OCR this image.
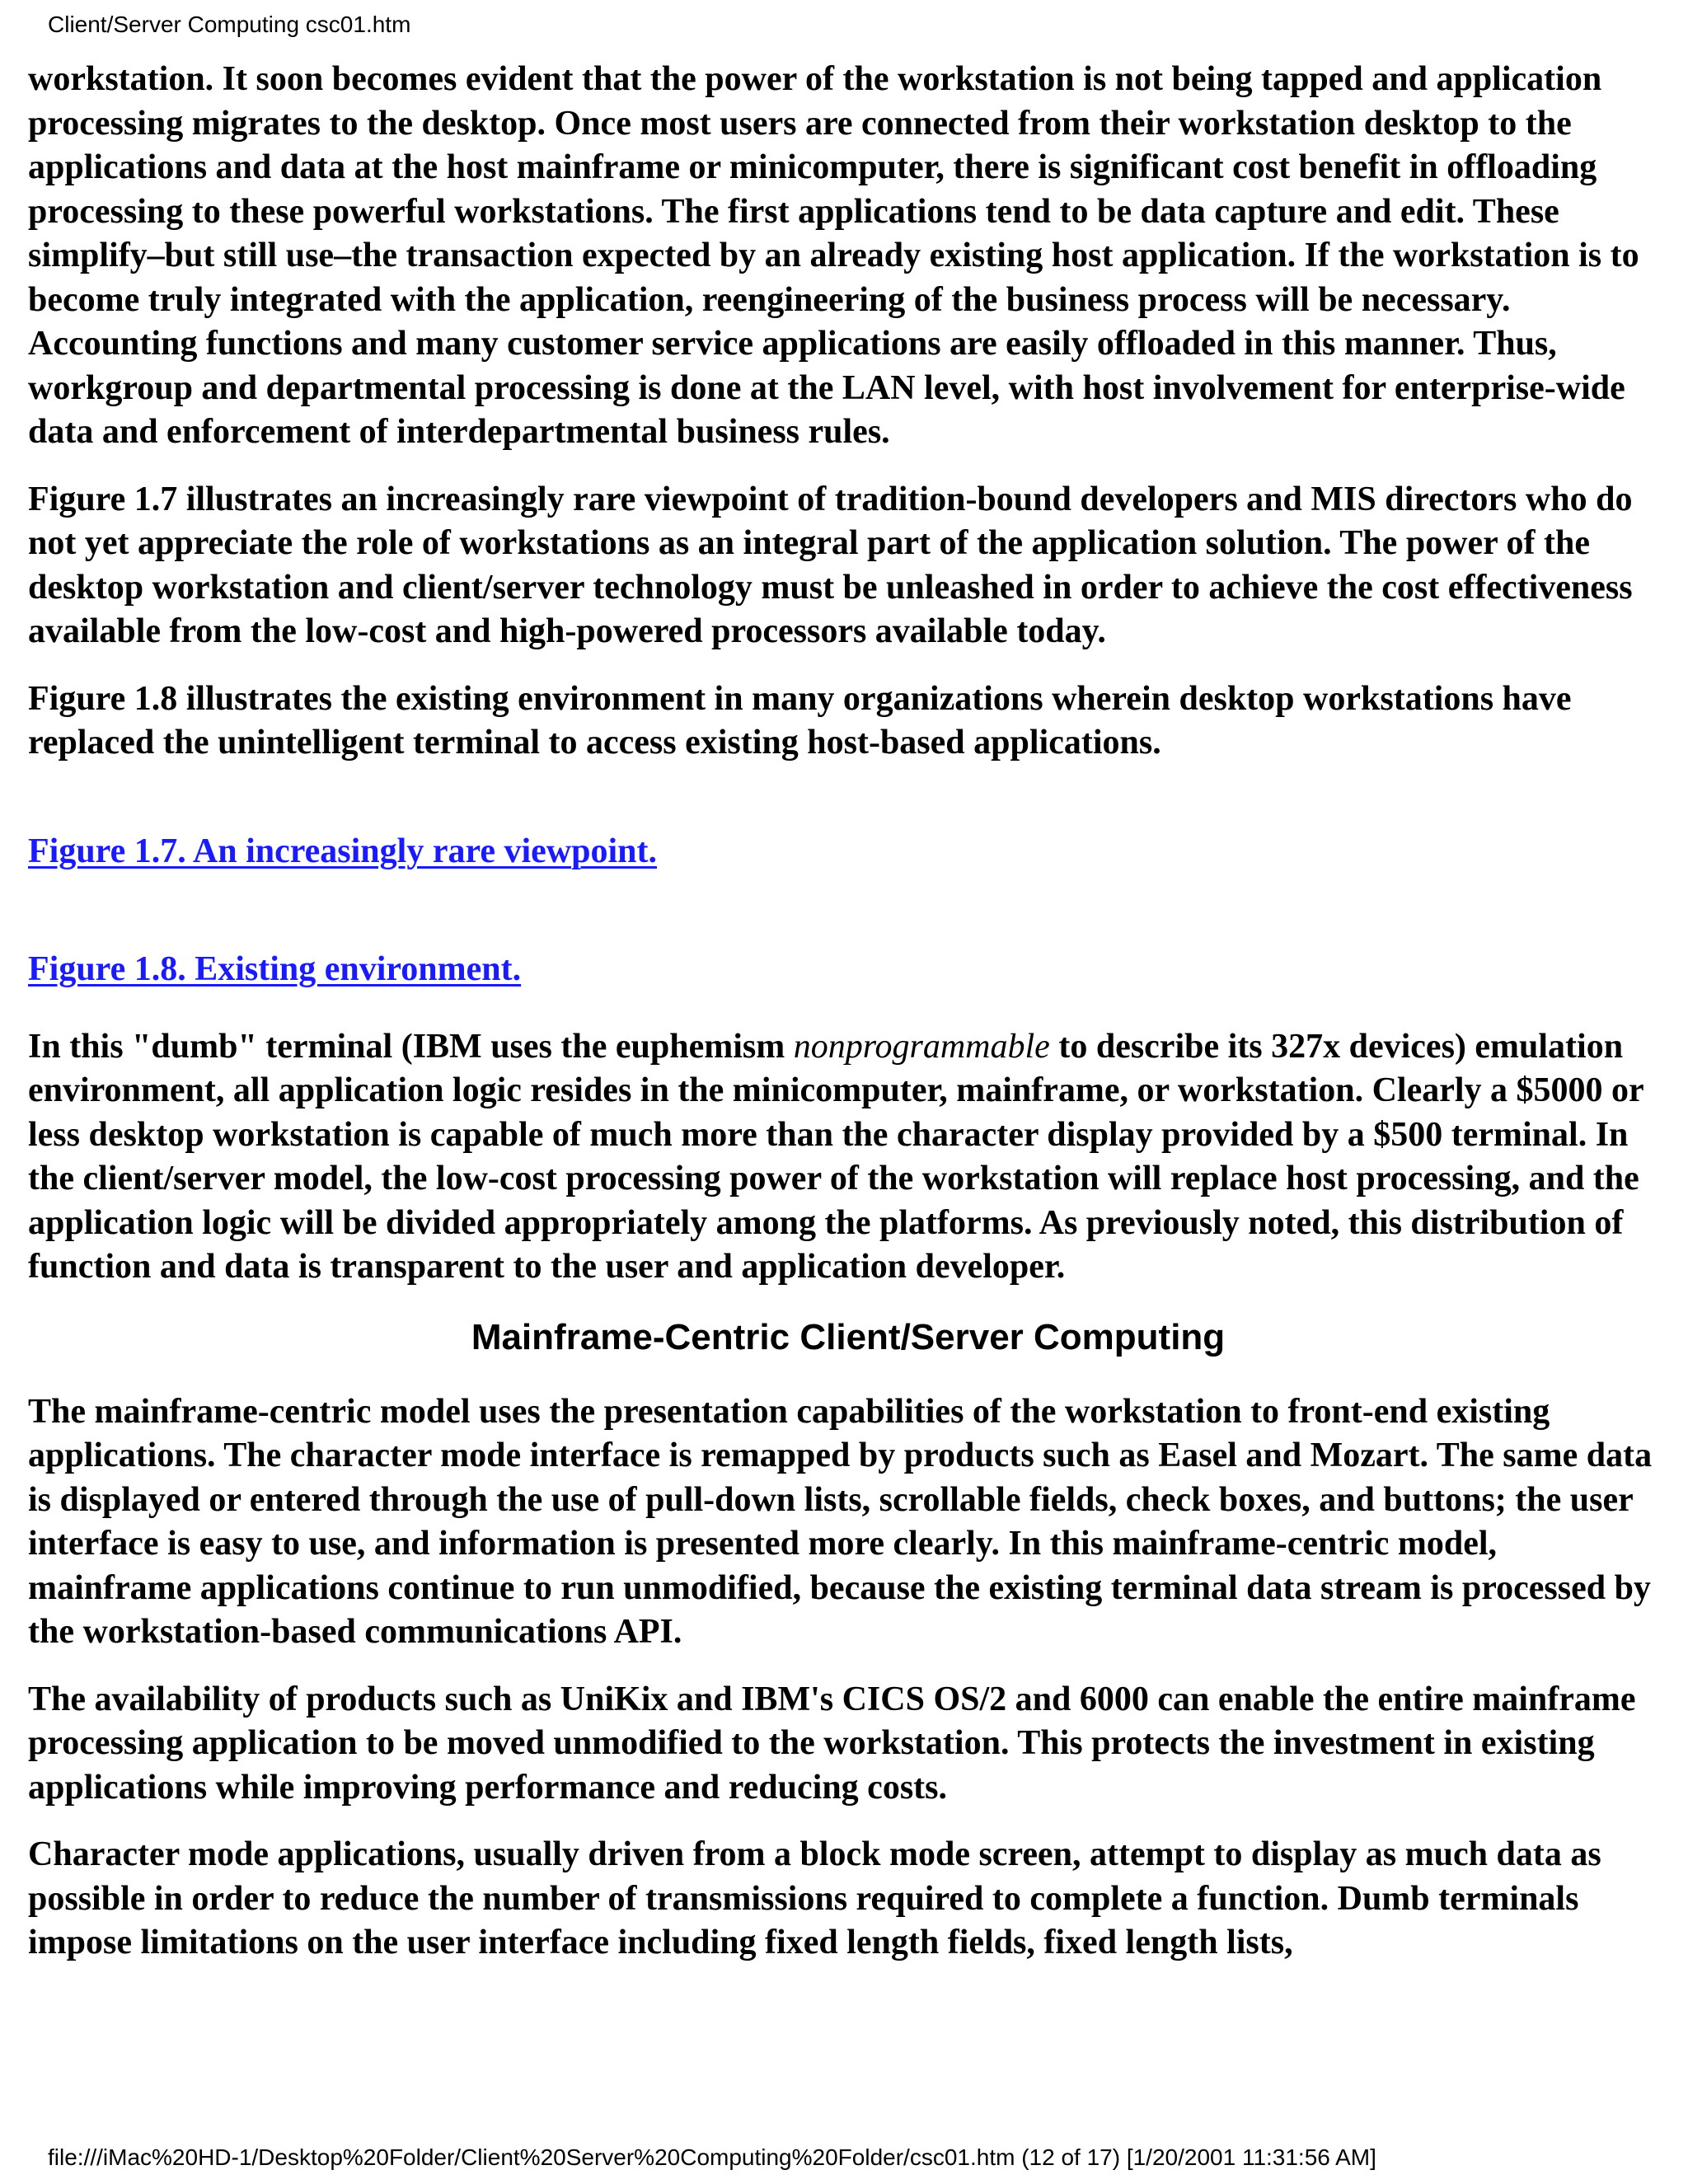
Client/Server Computing csc01.htm

workstation. It soon becomes evident that the power of the workstation is not being tapped and application processing migrates to the desktop. Once most users are connected from their workstation desktop to the applications and data at the host mainframe or minicomputer, there is significant cost benefit in offloading processing to these powerful workstations. The first applications tend to be data capture and edit. These simplify–but still use–the transaction expected by an already existing host application. If the workstation is to become truly integrated with the application, reengineering of the business process will be necessary. Accounting functions and many customer service applications are easily offloaded in this manner. Thus, workgroup and departmental processing is done at the LAN level, with host involvement for enterprise-wide data and enforcement of interdepartmental business rules.

Figure 1.7 illustrates an increasingly rare viewpoint of tradition-bound developers and MIS directors who do not yet appreciate the role of workstations as an integral part of the application solution. The power of the desktop workstation and client/server technology must be unleashed in order to achieve the cost effectiveness available from the low-cost and high-powered processors available today.

Figure 1.8 illustrates the existing environment in many organizations wherein desktop workstations have replaced the unintelligent terminal to access existing host-based applications.

Figure 1.7. An increasingly rare viewpoint.

Figure 1.8. Existing environment.

In this "dumb" terminal (IBM uses the euphemism nonprogrammable to describe its 327x devices) emulation environment, all application logic resides in the minicomputer, mainframe, or workstation. Clearly a $5000 or less desktop workstation is capable of much more than the character display provided by a $500 terminal. In the client/server model, the low-cost processing power of the workstation will replace host processing, and the application logic will be divided appropriately among the platforms. As previously noted, this distribution of function and data is transparent to the user and application developer.

Mainframe-Centric Client/Server Computing

The mainframe-centric model uses the presentation capabilities of the workstation to front-end existing applications. The character mode interface is remapped by products such as Easel and Mozart. The same data is displayed or entered through the use of pull-down lists, scrollable fields, check boxes, and buttons; the user interface is easy to use, and information is presented more clearly. In this mainframe-centric model, mainframe applications continue to run unmodified, because the existing terminal data stream is processed by the workstation-based communications API.

The availability of products such as UniKix and IBM's CICS OS/2 and 6000 can enable the entire mainframe processing application to be moved unmodified to the workstation. This protects the investment in existing applications while improving performance and reducing costs.

Character mode applications, usually driven from a block mode screen, attempt to display as much data as possible in order to reduce the number of transmissions required to complete a function. Dumb terminals impose limitations on the user interface including fixed length fields, fixed length lists,

file:///iMac%20HD-1/Desktop%20Folder/Client%20Server%20Computing%20Folder/csc01.htm (12 of 17) [1/20/2001 11:31:56 AM]
